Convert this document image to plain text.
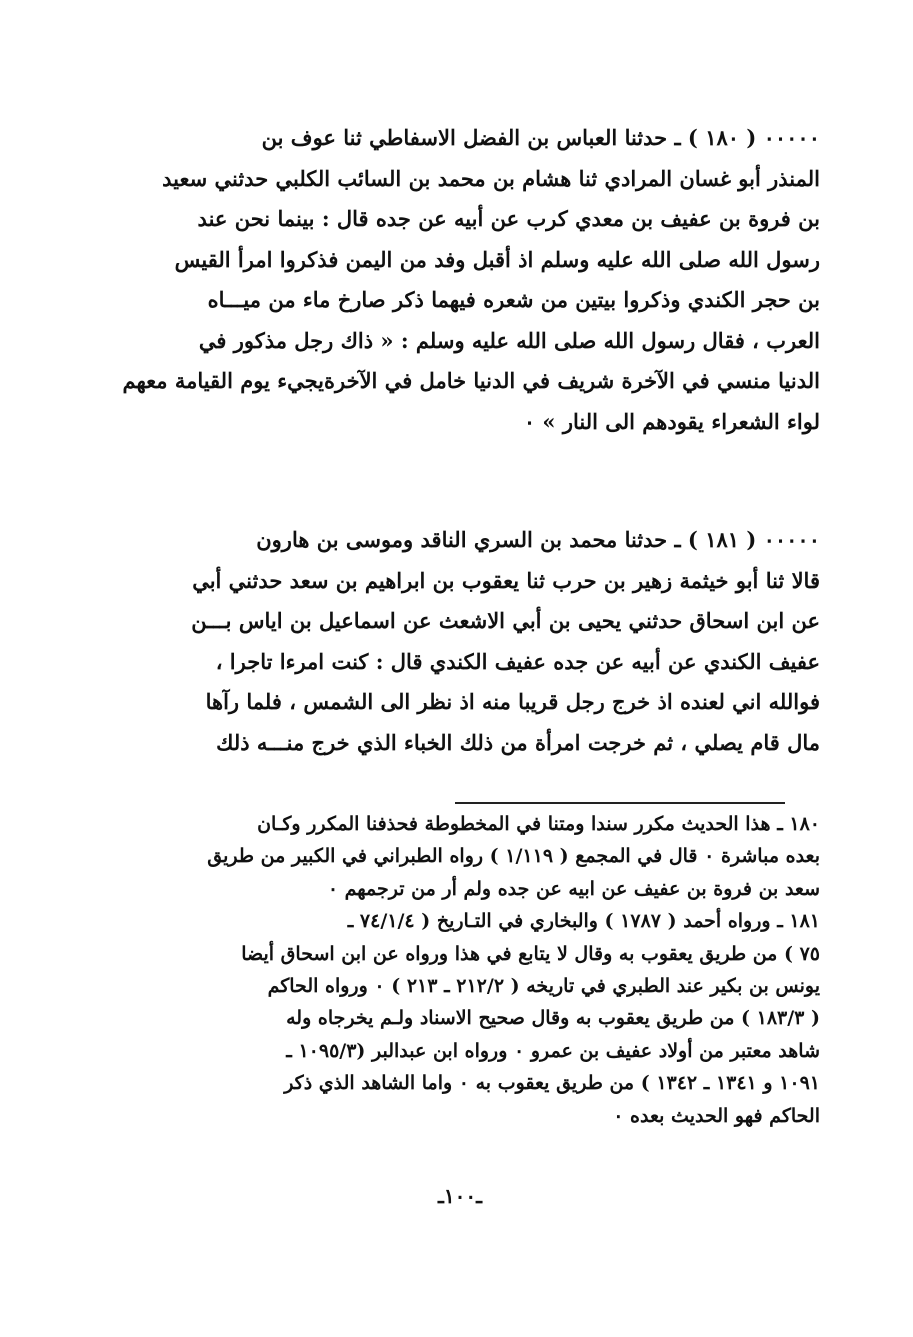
٠٠٠٠٠ ( ١٨٠ ) ـ حدثنا العباس بن الفضل الاسفاطي ثنا عوف بن
المنذر أبو غسان المرادي ثنا هشام بن محمد بن السائب الكلبي حدثني سعيد
بن فروة بن عفيف بن معدي كرب عن أبيه عن جده قال : بينما نحن عند
رسول الله صلى الله عليه وسلم اذ أقبل وفد من اليمن فذكروا امرأ القيس
بن حجر الكندي وذكروا بيتين من شعره فيهما ذكر صارخ ماء من ميـــاه
العرب ، فقال رسول الله صلى الله عليه وسلم : « ذاك رجل مذكور في
الدنيا منسي في الآخرة شريف في الدنيا خامل في الآخرةيجيء يوم القيامة معهم
لواء الشعراء يقودهم الى النار » ٠
٠٠٠٠٠ ( ١٨١ ) ـ حدثنا محمد بن السري الناقد وموسى بن هارون
قالا ثنا أبو خيثمة زهير بن حرب ثنا يعقوب بن ابراهيم بن سعد حدثني أبي
عن ابن اسحاق حدثني يحيى بن أبي الاشعث عن اسماعيل بن اياس بـــن
عفيف الكندي عن أبيه عن جده عفيف الكندي قال : كنت امرءا تاجرا ،
فوالله اني لعنده اذ خرج رجل قريبا منه اذ نظر الى الشمس ، فلما رآها
مال قام يصلي ، ثم خرجت امرأة من ذلك الخباء الذي خرج منـــه ذلك
١٨٠ ـ هذا الحديث مكرر سندا ومتنا في المخطوطة فحذفنا المكرر وكـان
بعده مباشرة ٠ قال في المجمع ( ١/١١٩ ) رواه الطبراني في الكبير من طريق
سعد بن فروة بن عفيف عن ابيه عن جده ولم أر من ترجمهم ٠
١٨١ ـ ورواه أحمد ( ١٧٨٧ ) والبخاري في التـاريخ ( ٧٤/١/٤ ـ
٧٥ ) من طريق يعقوب به وقال لا يتابع في هذا ورواه عن ابن اسحاق أيضا
يونس بن بكير عند الطبري في تاريخه ( ٢١٢/٢ ـ ٢١٣ ) ٠ ورواه الحاكم
( ١٨٣/٣ ) من طريق يعقوب به وقال صحيح الاسناد ولـم يخرجاه وله
شاهد معتبر من أولاد عفيف بن عمرو ٠ ورواه ابن عبدالبر (١٠٩٥/٣ ـ
١٠٩١ و ١٣٤١ ـ ١٣٤٢ ) من طريق يعقوب به ٠ واما الشاهد الذي ذكر
الحاكم فهو الحديث بعده ٠
ـ١٠٠ـ
